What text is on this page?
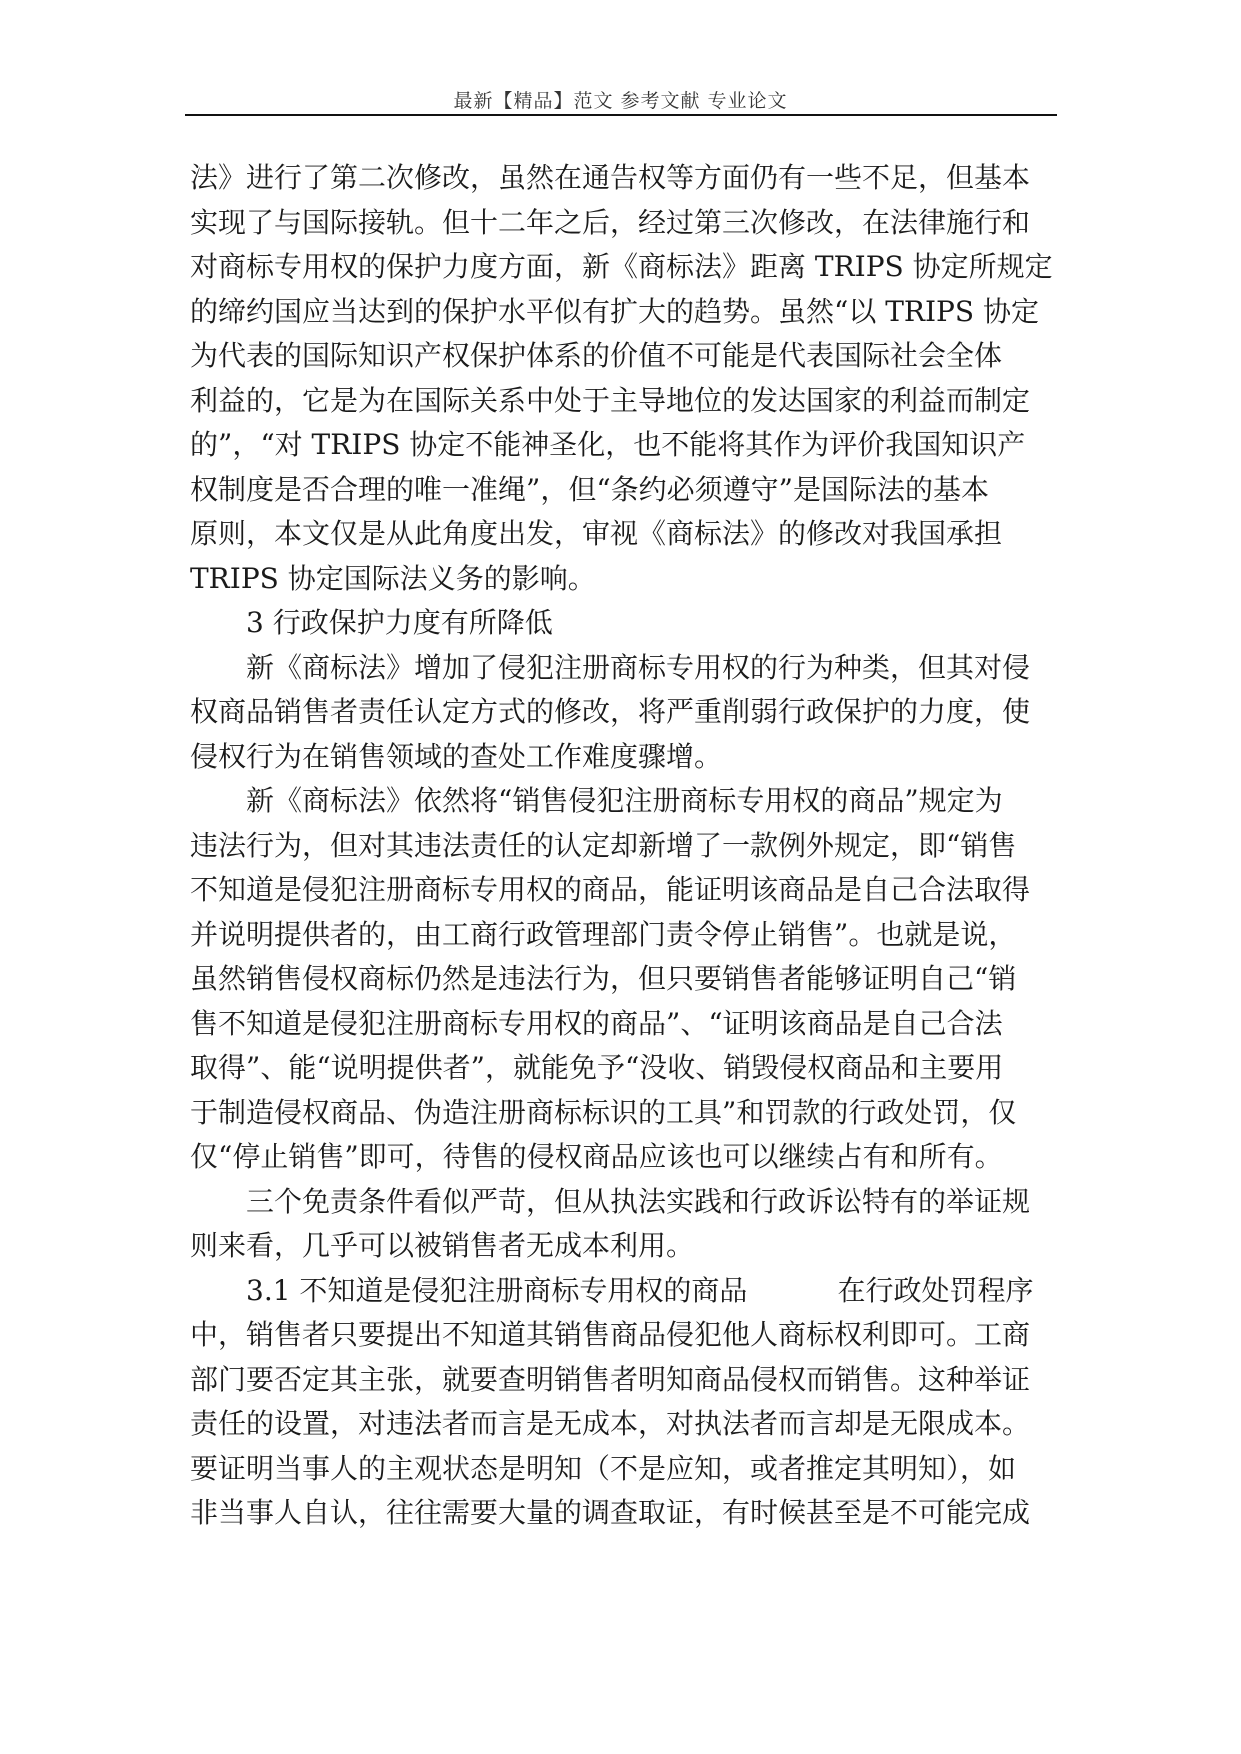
最新【精品】范文 参考文献 专业论文
法》进行了第二次修改，虽然在通告权等方面仍有一些不足，但基本
实现了与国际接轨。但十二年之后，经过第三次修改，在法律施行和
对商标专用权的保护力度方面，新《商标法》距离 TRIPS 协定所规定
的缔约国应当达到的保护水平似有扩大的趋势。虽然“以 TRIPS 协定
为代表的国际知识产权保护体系的价值不可能是代表国际社会全体
利益的，它是为在国际关系中处于主导地位的发达国家的利益而制定
的”，“对 TRIPS 协定不能神圣化，也不能将其作为评价我国知识产
权制度是否合理的唯一准绳”，但“条约必须遵守”是国际法的基本
原则，本文仅是从此角度出发，审视《商标法》的修改对我国承担
TRIPS 协定国际法义务的影响。
3 行政保护力度有所降低
新《商标法》增加了侵犯注册商标专用权的行为种类，但其对侵
权商品销售者责任认定方式的修改，将严重削弱行政保护的力度，使
侵权行为在销售领域的查处工作难度骤增。
新《商标法》依然将“销售侵犯注册商标专用权的商品”规定为
违法行为，但对其违法责任的认定却新增了一款例外规定，即“销售
不知道是侵犯注册商标专用权的商品，能证明该商品是自己合法取得
并说明提供者的，由工商行政管理部门责令停止销售”。也就是说，
虽然销售侵权商标仍然是违法行为，但只要销售者能够证明自己“销
售不知道是侵犯注册商标专用权的商品”、“证明该商品是自己合法
取得”、能“说明提供者”，就能免予“没收、销毁侵权商品和主要用
于制造侵权商品、伪造注册商标标识的工具”和罚款的行政处罚，仅
仅“停止销售”即可，待售的侵权商品应该也可以继续占有和所有。
三个免责条件看似严苛，但从执法实践和行政诉讼特有的举证规
则来看，几乎可以被销售者无成本利用。
3.1 不知道是侵犯注册商标专用权的商品	在行政处罚程序
中，销售者只要提出不知道其销售商品侵犯他人商标权利即可。工商
部门要否定其主张，就要查明销售者明知商品侵权而销售。这种举证
责任的设置，对违法者而言是无成本，对执法者而言却是无限成本。
要证明当事人的主观状态是明知（不是应知，或者推定其明知），如
非当事人自认，往往需要大量的调查取证，有时候甚至是不可能完成
